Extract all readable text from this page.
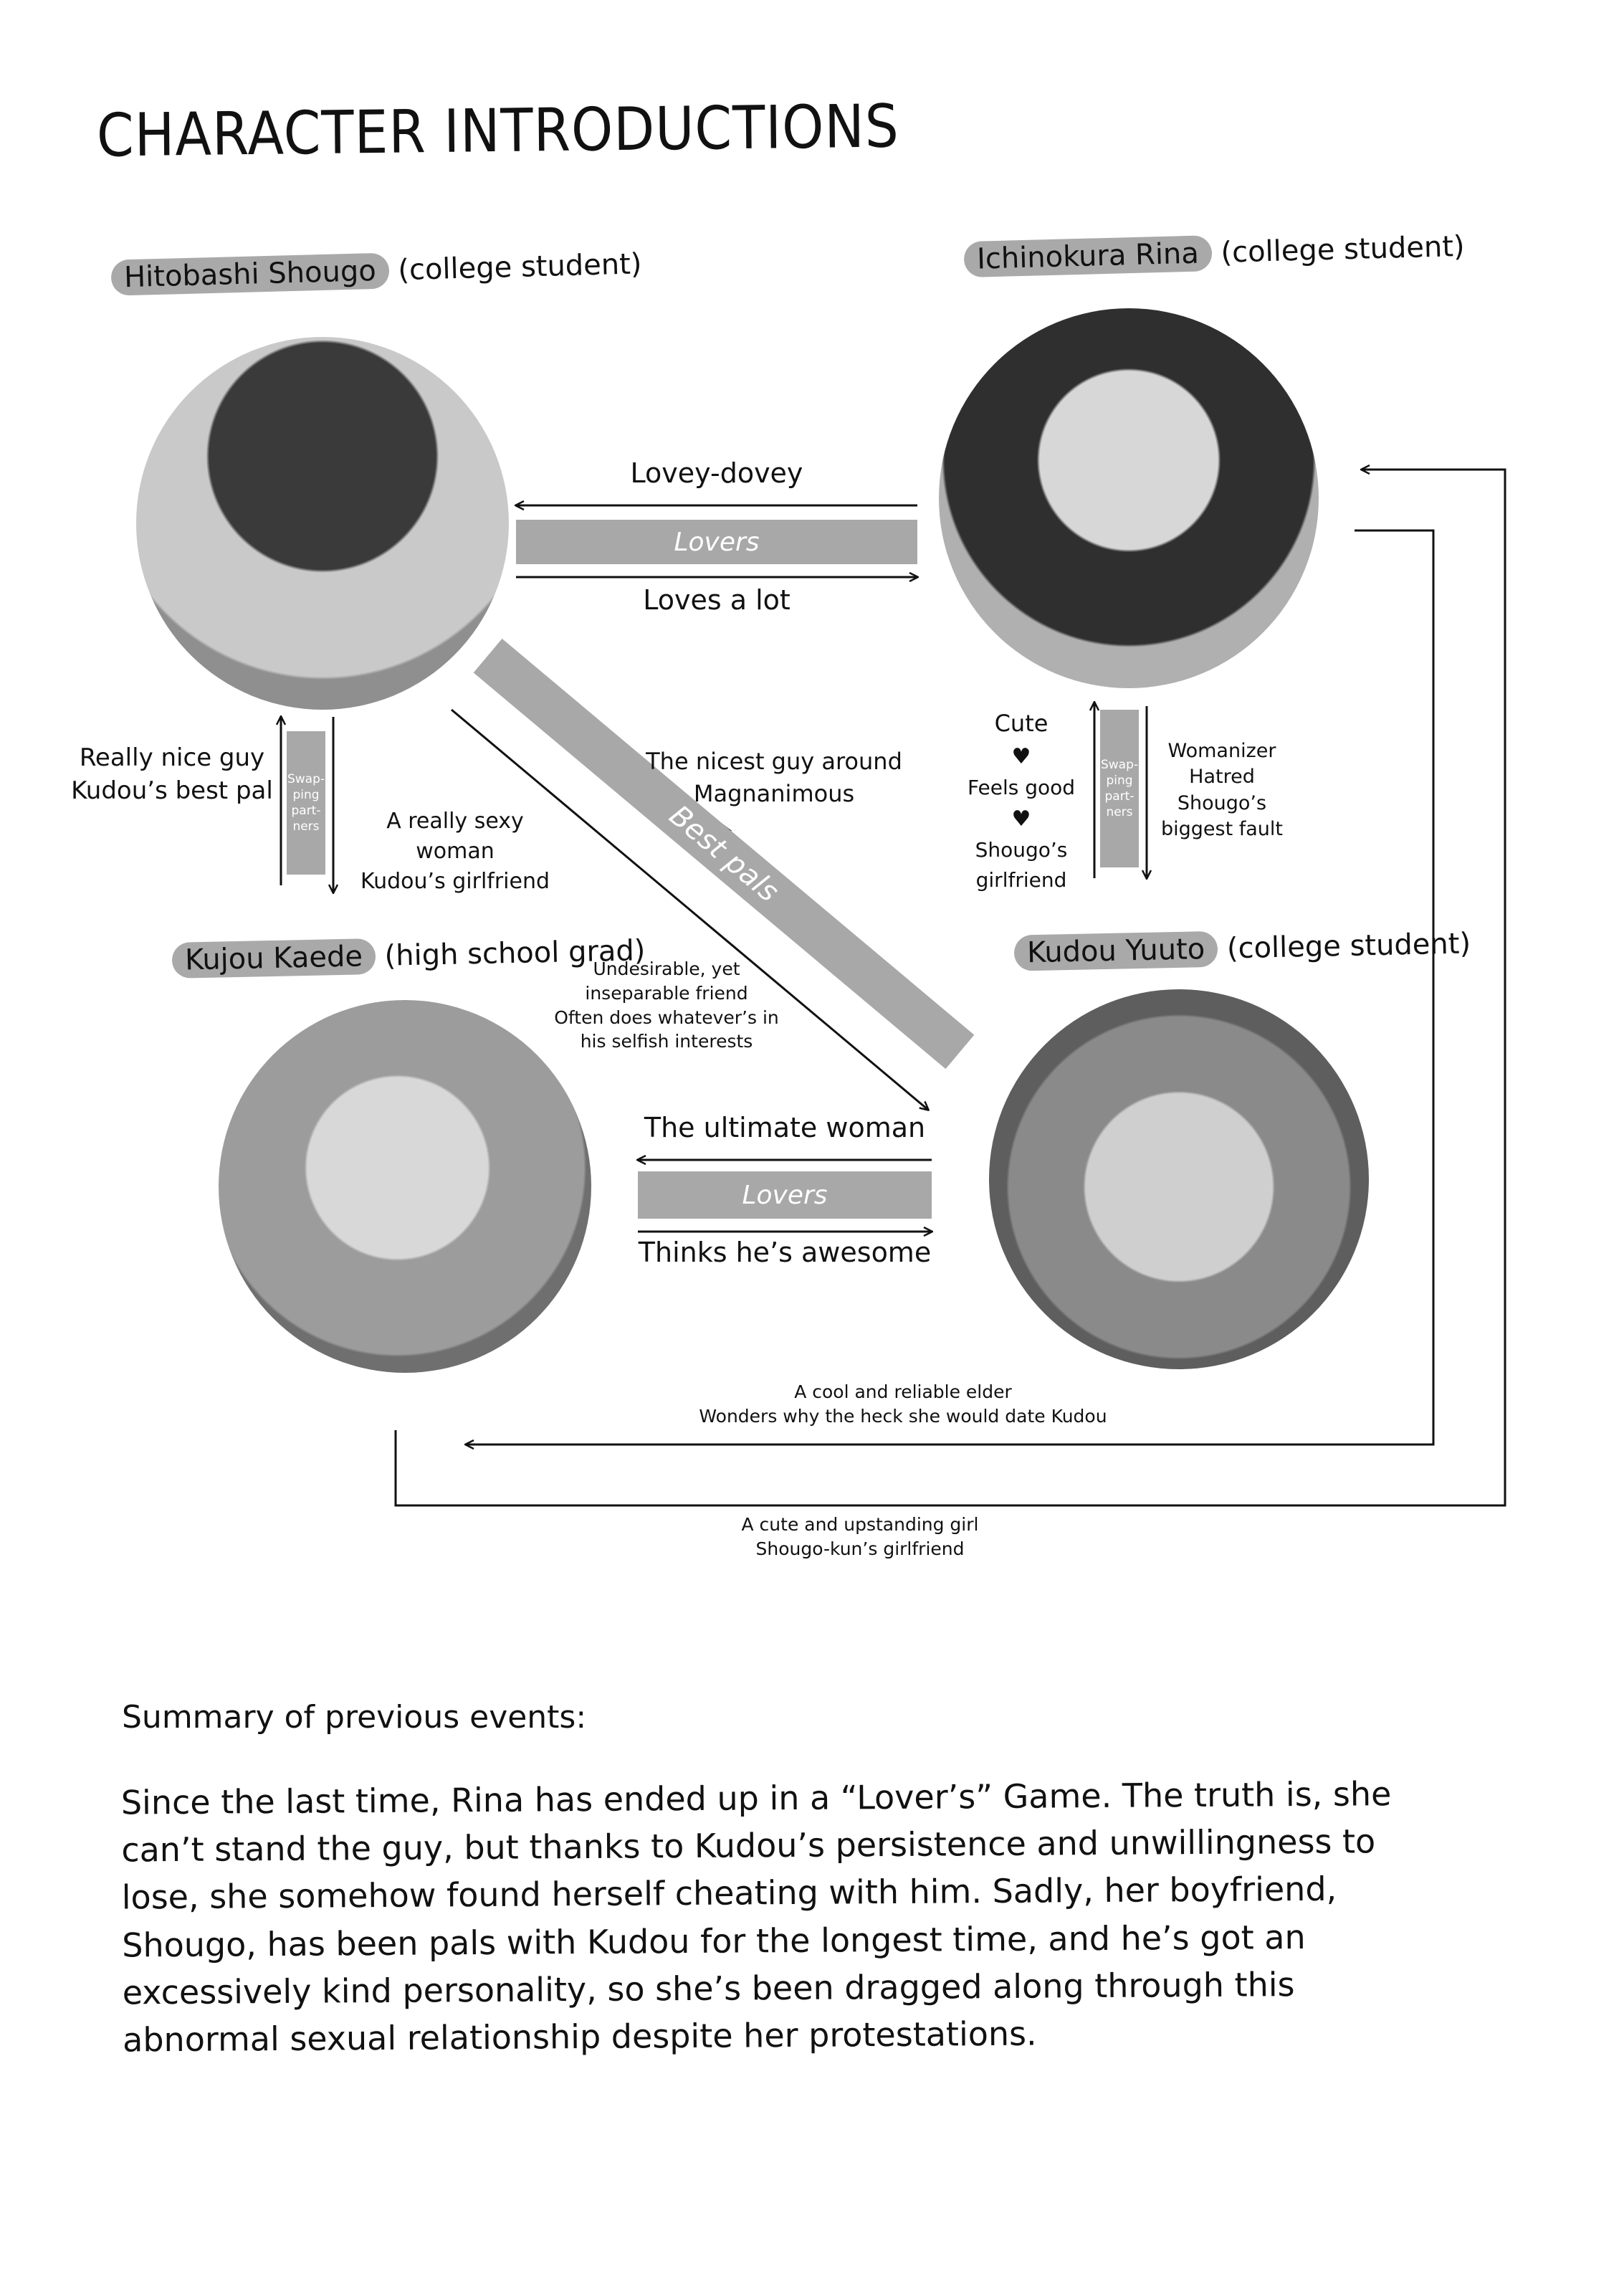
CHARACTER INTRODUCTIONS
Hitobashi Shougo (college student)	Ichinokura Rina (college student)
Kujou Kaede (high school grad)	Kudou Yuuto (college student)
Lovey-dovey
Lovers
Loves a lot
The ultimate woman
Lovers
Thinks he’s awesome
Best pals
The nicest guy around
Magnanimous
Undesirable, yet
inseparable friend
Often does whatever’s in
his selfish interests
Swap-
ping
part-
ners
Really nice guy
Kudou’s best pal
A really sexy woman
Kudou’s girlfriend
Swap-
ping
part-
ners
Cute
♥
Feels good
♥
Shougo’s
girlfriend
Womanizer
Hatred
Shougo’s
biggest fault
A cool and reliable elder
Wonders why the heck she would date Kudou
A cute and upstanding girl
Shougo-kun’s girlfriend
Summary of previous events:
Since the last time, Rina has ended up in a “Lover’s” Game. The truth is, she can’t stand the guy, but thanks to Kudou’s persistence and unwillingness to lose, she somehow found herself cheating with him. Sadly, her boyfriend, Shougo, has been pals with Kudou for the longest time, and he’s got an excessively kind personality, so she’s been dragged along through this abnormal sexual relationship despite her protestations.
